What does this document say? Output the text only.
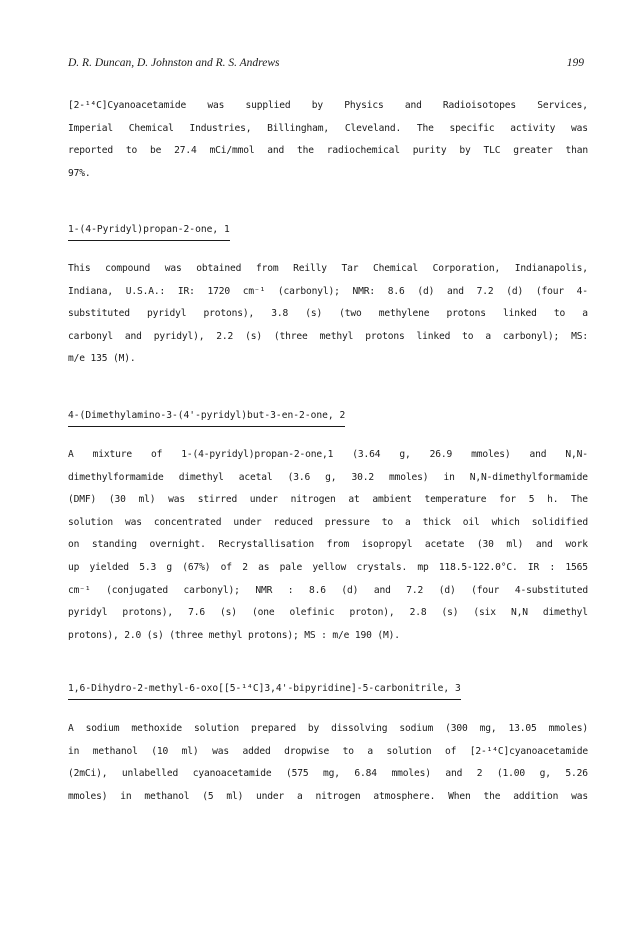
D. R. Duncan, D. Johnston and R. S. Andrews	199
[2-¹⁴C]Cyanoacetamide was supplied by Physics and Radioisotopes Services,
Imperial Chemical Industries, Billingham, Cleveland. The specific activity was
reported to be 27.4 mCi/mmol and the radiochemical purity by TLC greater than
97%.
1-(4-Pyridyl)propan-2-one, 1
This compound was obtained from Reilly Tar Chemical Corporation, Indianapolis,
Indiana, U.S.A.: IR: 1720 cm⁻¹ (carbonyl); NMR: 8.6 (d) and 7.2 (d) (four 4-
substituted pyridyl protons), 3.8 (s) (two methylene protons linked to a
carbonyl and pyridyl), 2.2 (s) (three methyl protons linked to a carbonyl); MS:
m/e 135 (M).
4-(Dimethylamino-3-(4'-pyridyl)but-3-en-2-one, 2
A mixture of 1-(4-pyridyl)propan-2-one,1 (3.64 g, 26.9 mmoles) and N,N-
dimethylformamide dimethyl acetal (3.6 g, 30.2 mmoles) in N,N-dimethylformamide
(DMF) (30 ml) was stirred under nitrogen at ambient temperature for 5 h. The
solution was concentrated under reduced pressure to a thick oil which solidified
on standing overnight. Recrystallisation from isopropyl acetate (30 ml) and work
up yielded 5.3 g (67%) of 2 as pale yellow crystals. mp 118.5-122.0°C. IR : 1565
cm⁻¹ (conjugated carbonyl); NMR : 8.6 (d) and 7.2 (d) (four 4-substituted
pyridyl protons), 7.6 (s) (one olefinic proton), 2.8 (s) (six N,N dimethyl
protons), 2.0 (s) (three methyl protons); MS : m/e 190 (M).
1,6-Dihydro-2-methyl-6-oxo[[5-¹⁴C]3,4'-bipyridine]-5-carbonitrile, 3
A sodium methoxide solution prepared by dissolving sodium (300 mg, 13.05 mmoles)
in methanol (10 ml) was added dropwise to a solution of [2-¹⁴C]cyanoacetamide
(2mCi), unlabelled cyanoacetamide (575 mg, 6.84 mmoles) and 2 (1.00 g, 5.26
mmoles) in methanol (5 ml) under a nitrogen atmosphere. When the addition was
